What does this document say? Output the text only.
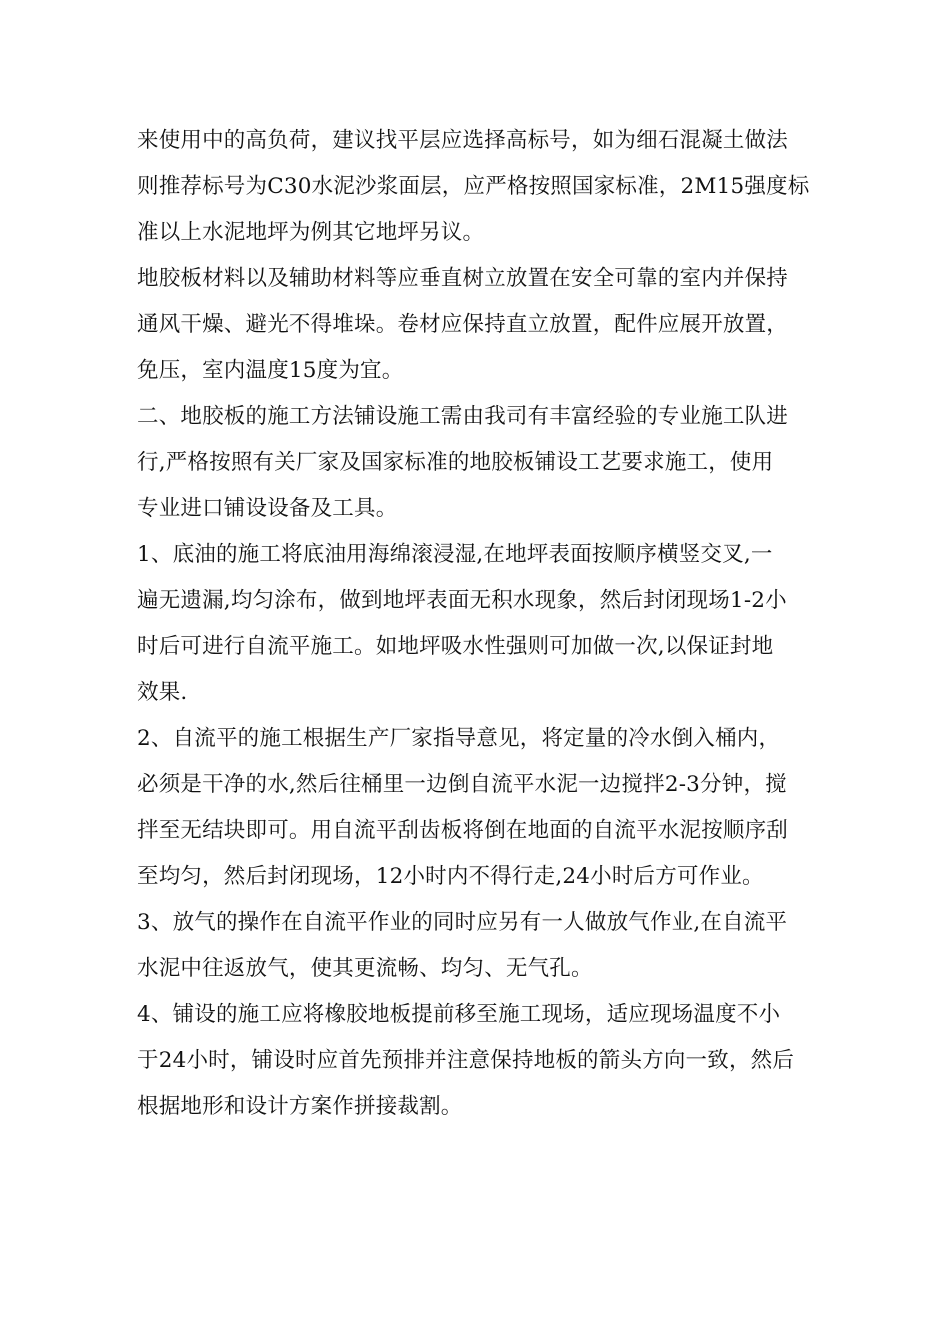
来使用中的高负荷，建议找平层应选择高标号，如为细石混凝土做法
则推荐标号为C30水泥沙浆面层，应严格按照国家标准，2M15强度标
准以上水泥地坪为例其它地坪另议。
地胶板材料以及辅助材料等应垂直树立放置在安全可靠的室内并保持
通风干燥、避光不得堆垛。卷材应保持直立放置，配件应展开放置，
免压，室内温度15度为宜。
二、地胶板的施工方法铺设施工需由我司有丰富经验的专业施工队进
行,严格按照有关厂家及国家标准的地胶板铺设工艺要求施工，使用
专业进口铺设设备及工具。
1、底油的施工将底油用海绵滚浸湿,在地坪表面按顺序横竖交叉,一
遍无遗漏,均匀涂布，做到地坪表面无积水现象，然后封闭现场1-2小
时后可进行自流平施工。如地坪吸水性强则可加做一次,以保证封地
效果.
2、自流平的施工根据生产厂家指导意见，将定量的冷水倒入桶内，
必须是干净的水,然后往桶里一边倒自流平水泥一边搅拌2-3分钟，搅
拌至无结块即可。用自流平刮齿板将倒在地面的自流平水泥按顺序刮
至均匀，然后封闭现场，12小时内不得行走,24小时后方可作业。
3、放气的操作在自流平作业的同时应另有一人做放气作业,在自流平
水泥中往返放气，使其更流畅、均匀、无气孔。
4、铺设的施工应将橡胶地板提前移至施工现场，适应现场温度不小
于24小时，铺设时应首先预排并注意保持地板的箭头方向一致，然后
根据地形和设计方案作拼接裁割。
